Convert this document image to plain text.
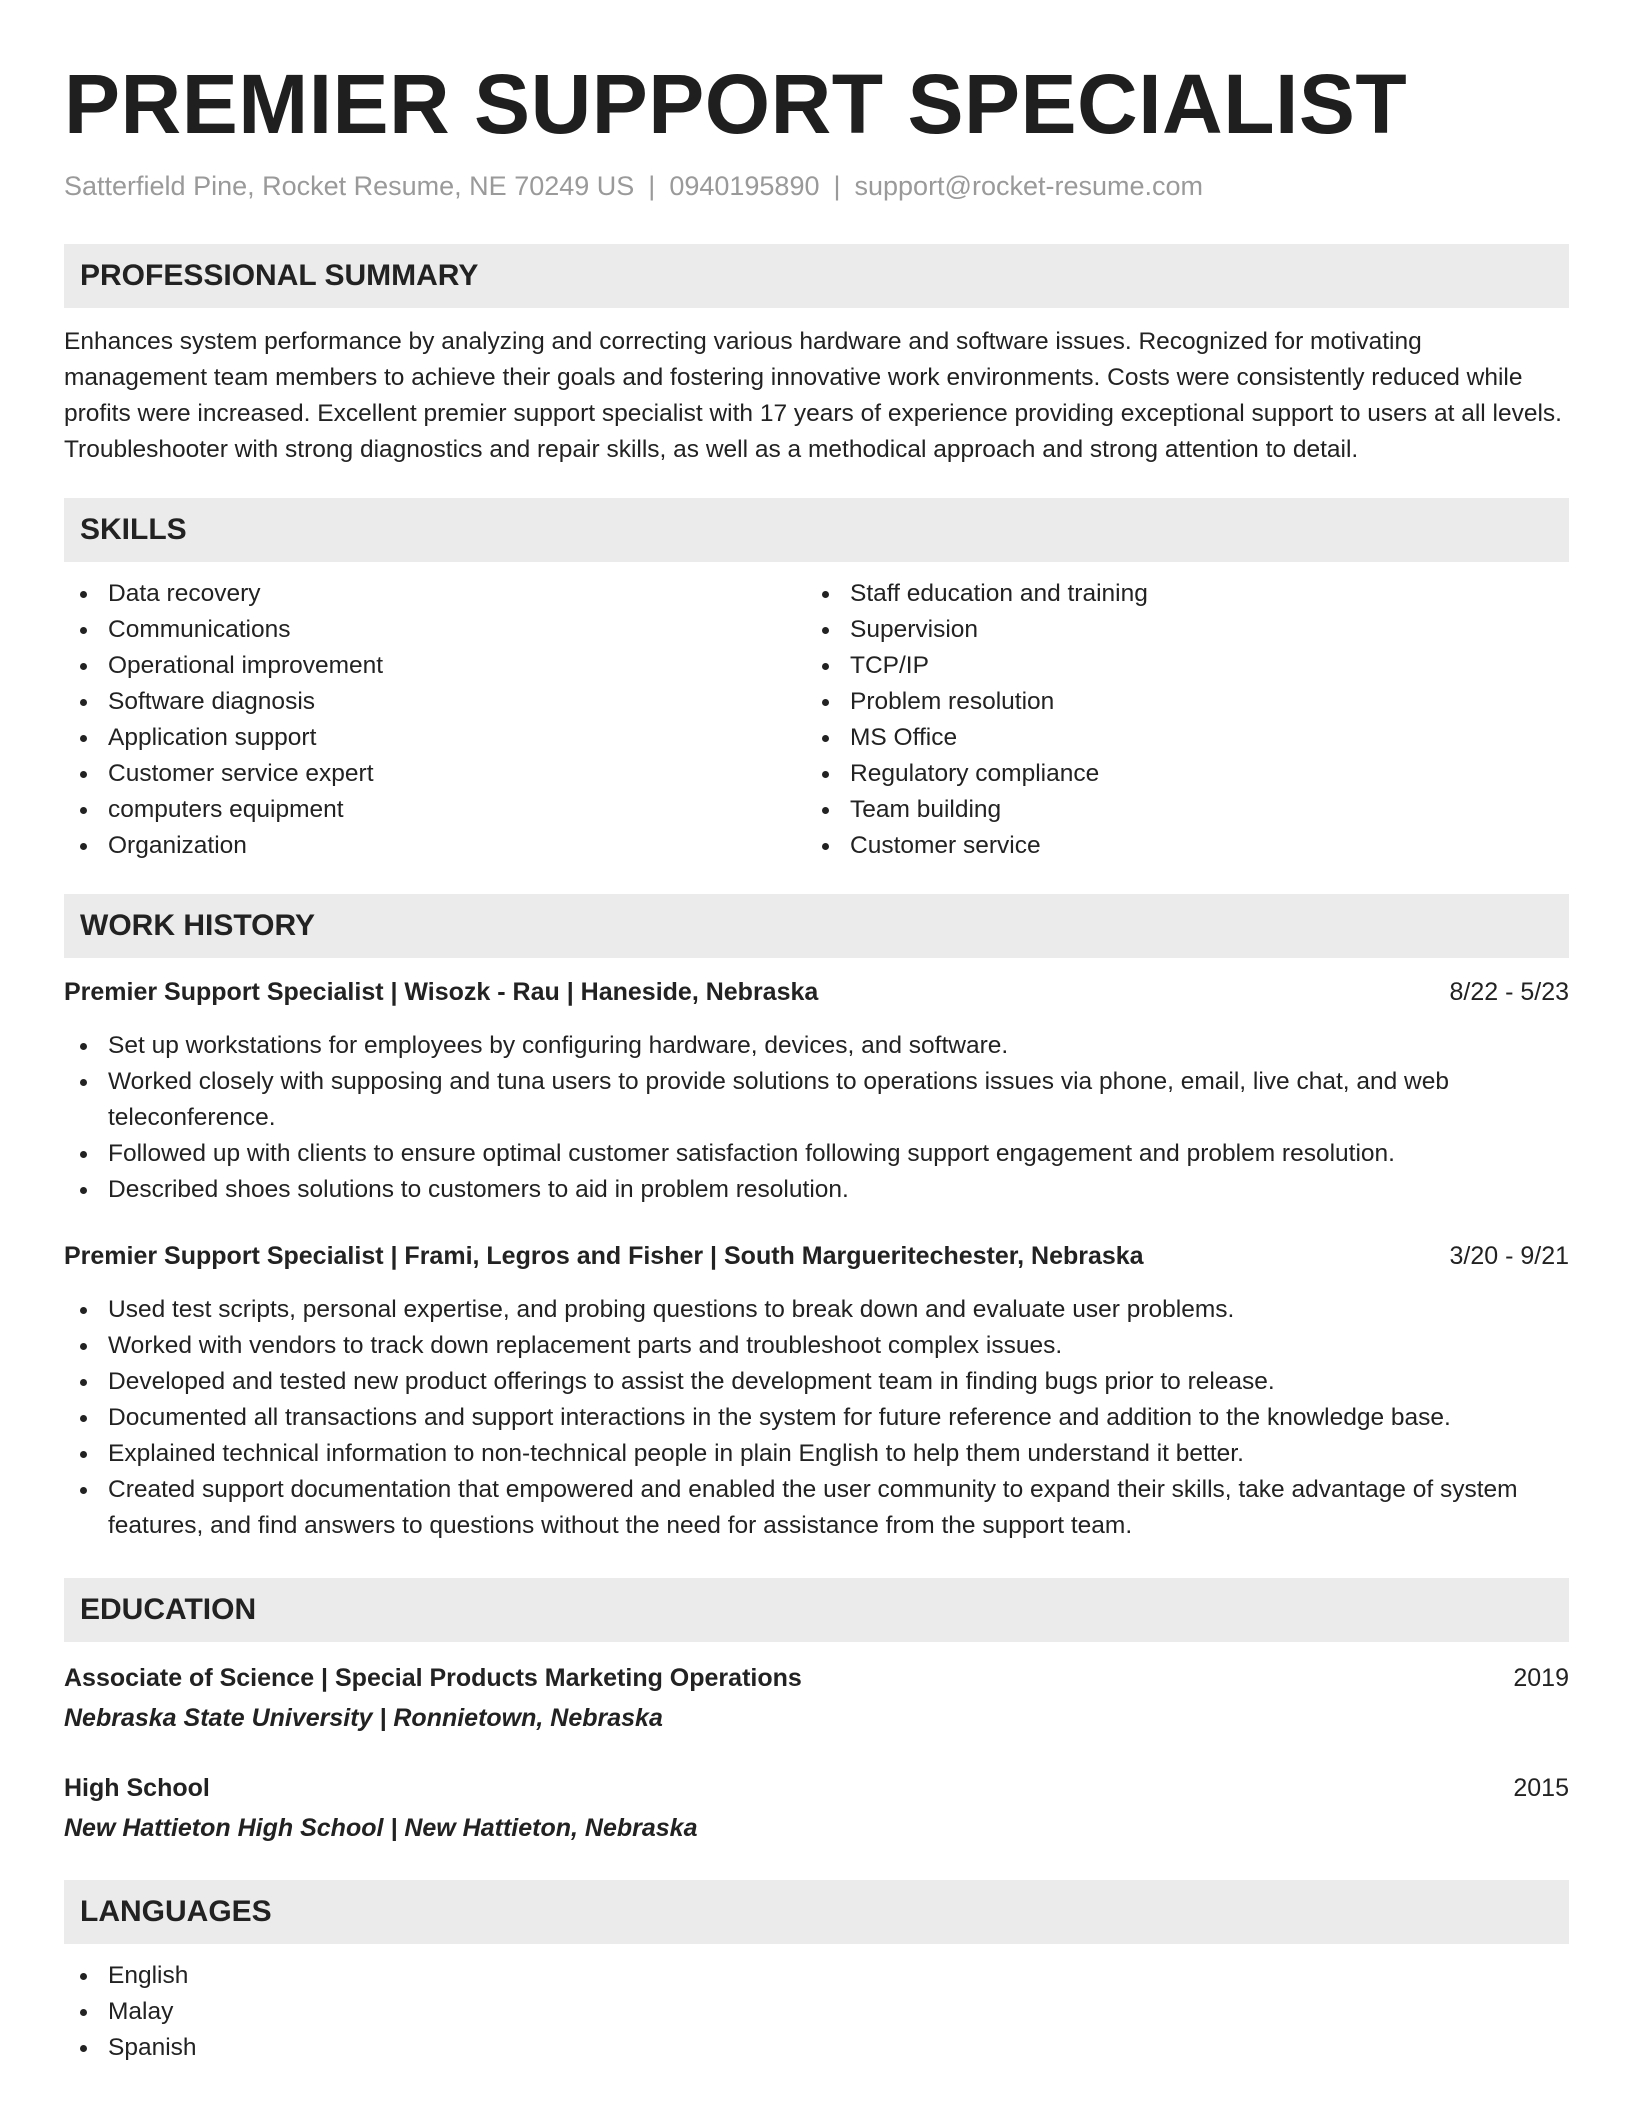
PREMIER SUPPORT SPECIALIST
Satterfield Pine, Rocket Resume, NE 70249 US | 0940195890 | support@rocket-resume.com
PROFESSIONAL SUMMARY

Enhances system performance by analyzing and correcting various hardware and software issues. Recognized for motivating management team members to achieve their goals and fostering innovative work environments. Costs were consistently reduced while profits were increased. Excellent premier support specialist with 17 years of experience providing exceptional support to users at all levels. Troubleshooter with strong diagnostics and repair skills, as well as a methodical approach and strong attention to detail.

SKILLS
Data recovery
Communications
Operational improvement
Software diagnosis
Application support
Customer service expert
computers equipment
Organization
Staff education and training
Supervision
TCP/IP
Problem resolution
MS Office
Regulatory compliance
Team building
Customer service
WORK HISTORY
Premier Support Specialist | Wisozk - Rau | Haneside, Nebraska	8/22 - 5/23
Set up workstations for employees by configuring hardware, devices, and software.
Worked closely with supposing and tuna users to provide solutions to operations issues via phone, email, live chat, and web teleconference.
Followed up with clients to ensure optimal customer satisfaction following support engagement and problem resolution.
Described shoes solutions to customers to aid in problem resolution.
Premier Support Specialist | Frami, Legros and Fisher | South Margueritechester, Nebraska	3/20 - 9/21
Used test scripts, personal expertise, and probing questions to break down and evaluate user problems.
Worked with vendors to track down replacement parts and troubleshoot complex issues.
Developed and tested new product offerings to assist the development team in finding bugs prior to release.
Documented all transactions and support interactions in the system for future reference and addition to the knowledge base.
Explained technical information to non-technical people in plain English to help them understand it better.
Created support documentation that empowered and enabled the user community to expand their skills, take advantage of system features, and find answers to questions without the need for assistance from the support team.
EDUCATION
Associate of Science | Special Products Marketing Operations	2019
Nebraska State University | Ronnietown, Nebraska
High School	2015
New Hattieton High School | New Hattieton, Nebraska
LANGUAGES
English
Malay
Spanish
